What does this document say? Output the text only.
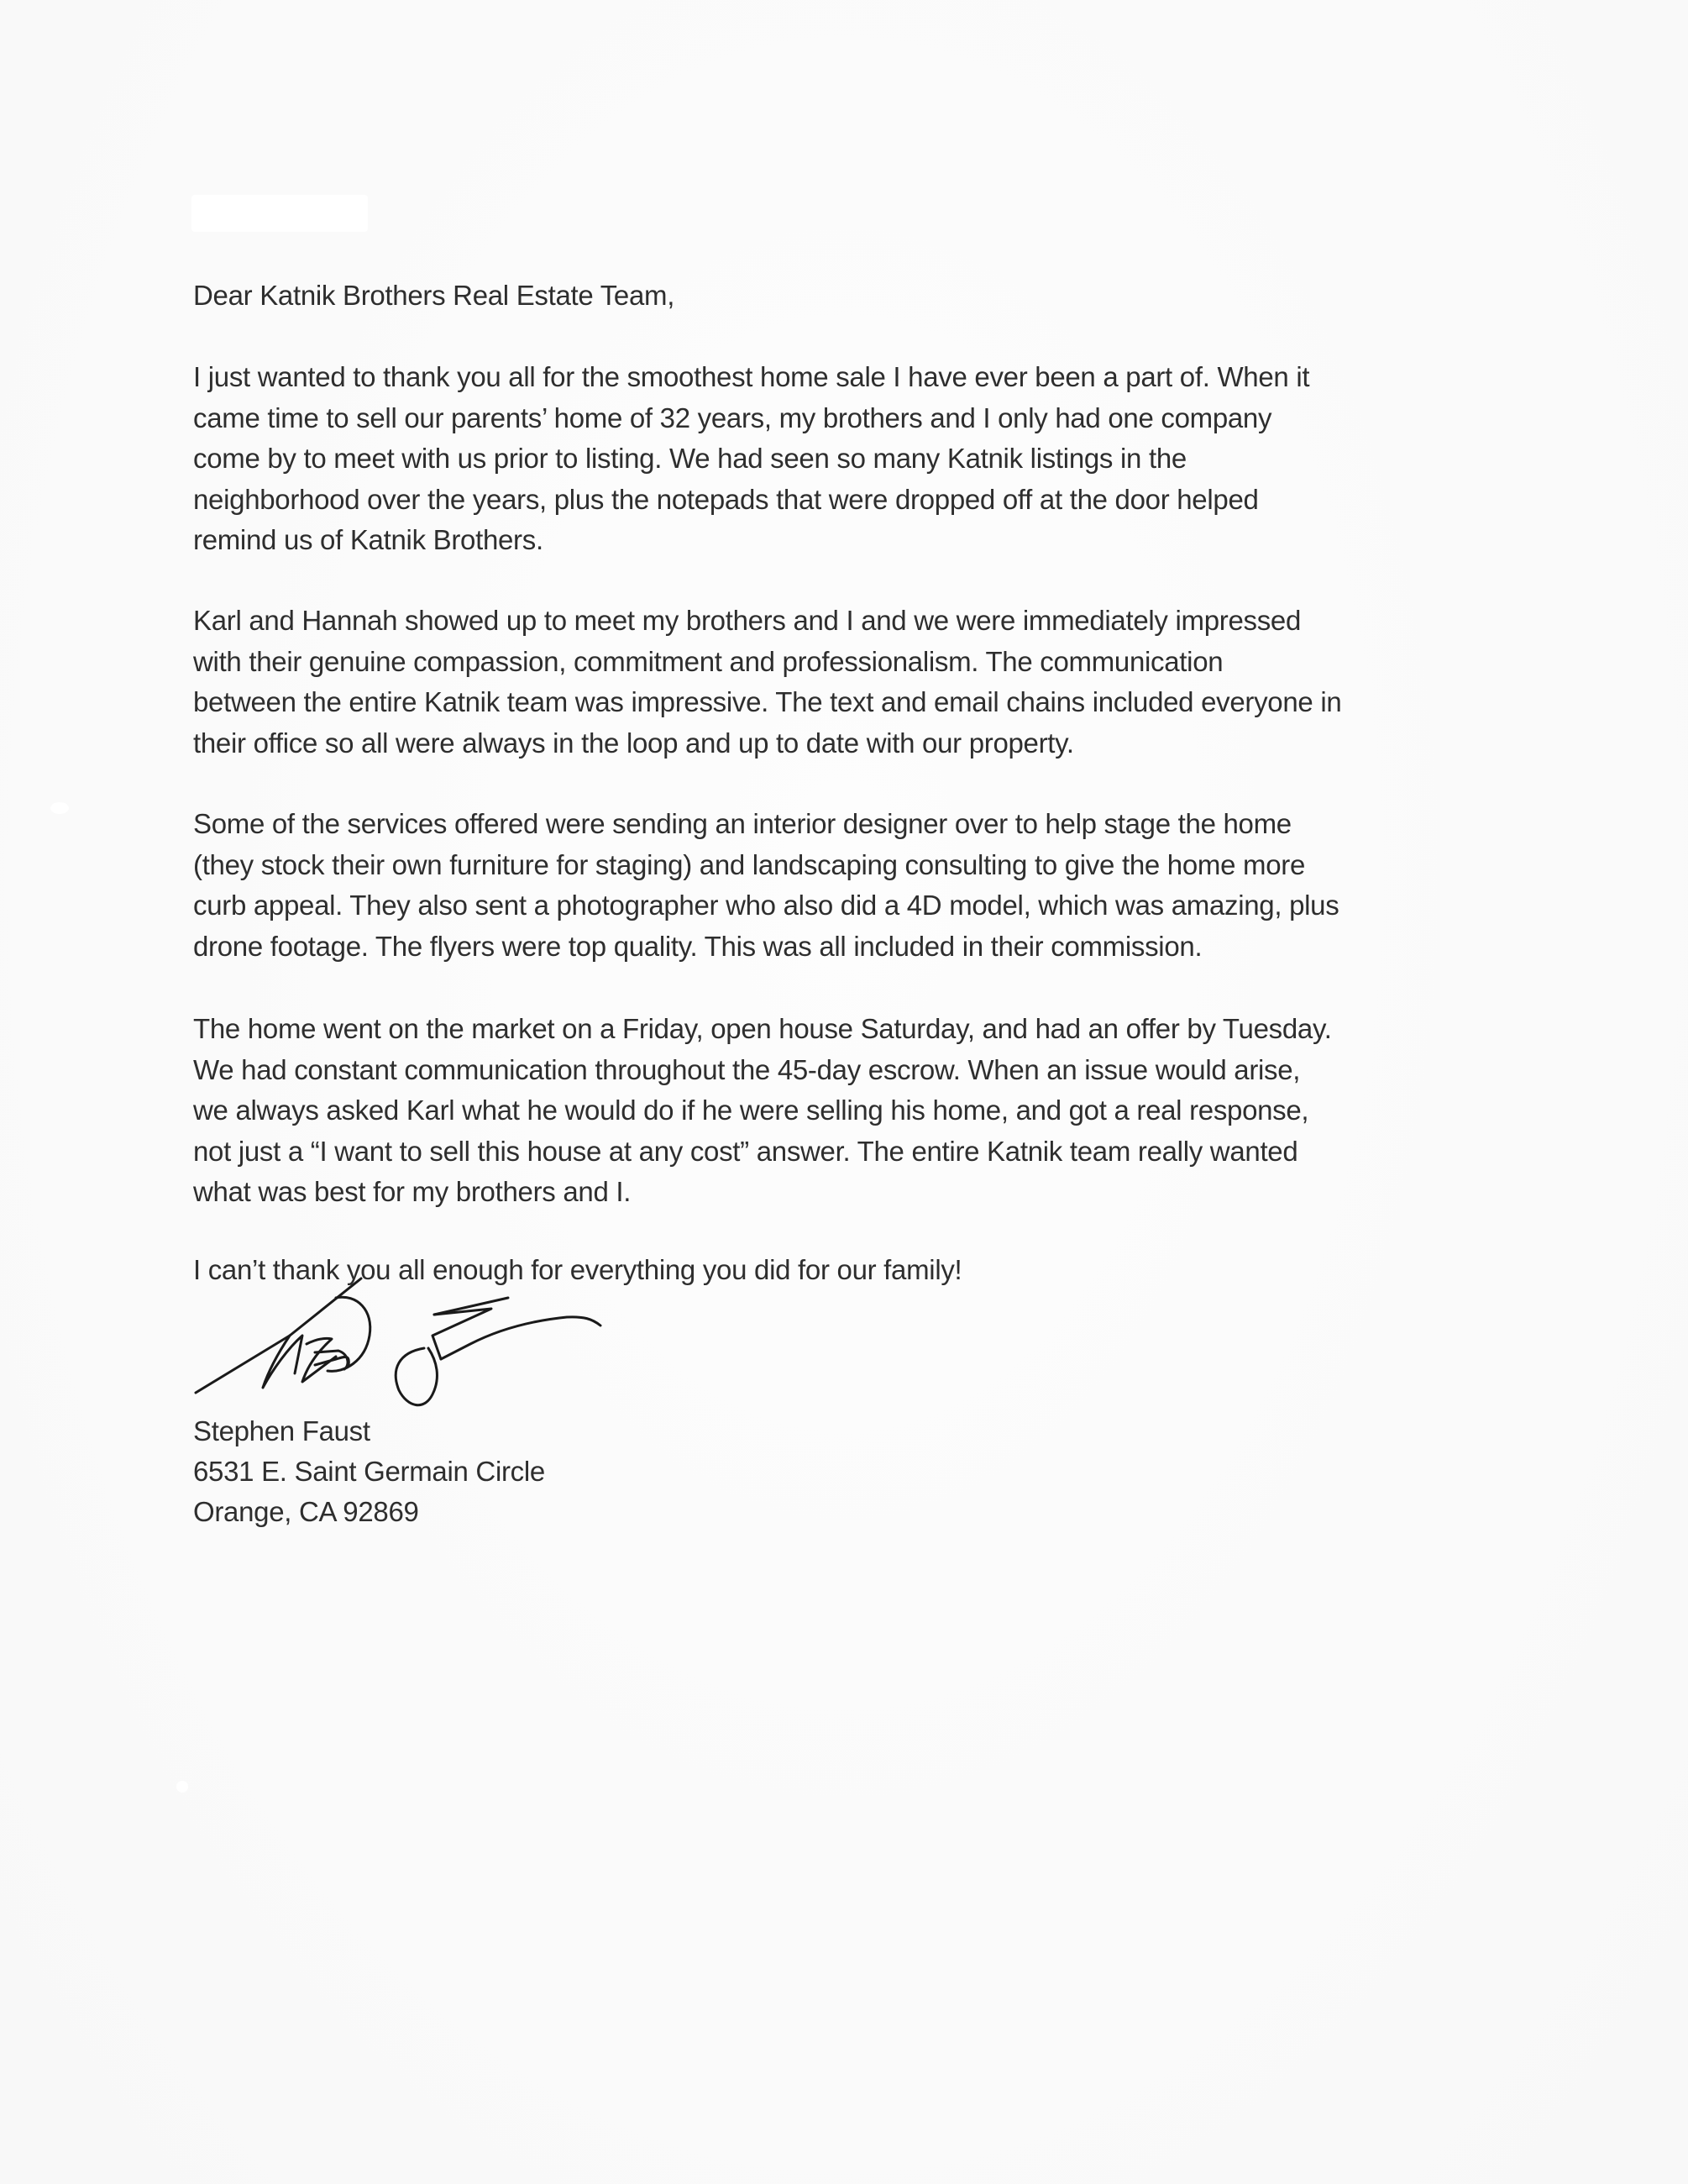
Dear Katnik Brothers Real Estate Team,
I just wanted to thank you all for the smoothest home sale I have ever been a part of. When it
came time to sell our parents’ home of 32 years, my brothers and I only had one company
come by to meet with us prior to listing. We had seen so many Katnik listings in the
neighborhood over the years, plus the notepads that were dropped off at the door helped
remind us of Katnik Brothers.
Karl and Hannah showed up to meet my brothers and I and we were immediately impressed
with their genuine compassion, commitment and professionalism. The communication
between the entire Katnik team was impressive. The text and email chains included everyone in
their office so all were always in the loop and up to date with our property.
Some of the services offered were sending an interior designer over to help stage the home
(they stock their own furniture for staging) and landscaping consulting to give the home more
curb appeal. They also sent a photographer who also did a 4D model, which was amazing, plus
drone footage. The flyers were top quality. This was all included in their commission.
The home went on the market on a Friday, open house Saturday, and had an offer by Tuesday.
We had constant communication throughout the 45-day escrow. When an issue would arise,
we always asked Karl what he would do if he were selling his home, and got a real response,
not just a “I want to sell this house at any cost” answer. The entire Katnik team really wanted
what was best for my brothers and I.
I can’t thank you all enough for everything you did for our family!
Stephen Faust
6531 E. Saint Germain Circle
Orange, CA 92869
